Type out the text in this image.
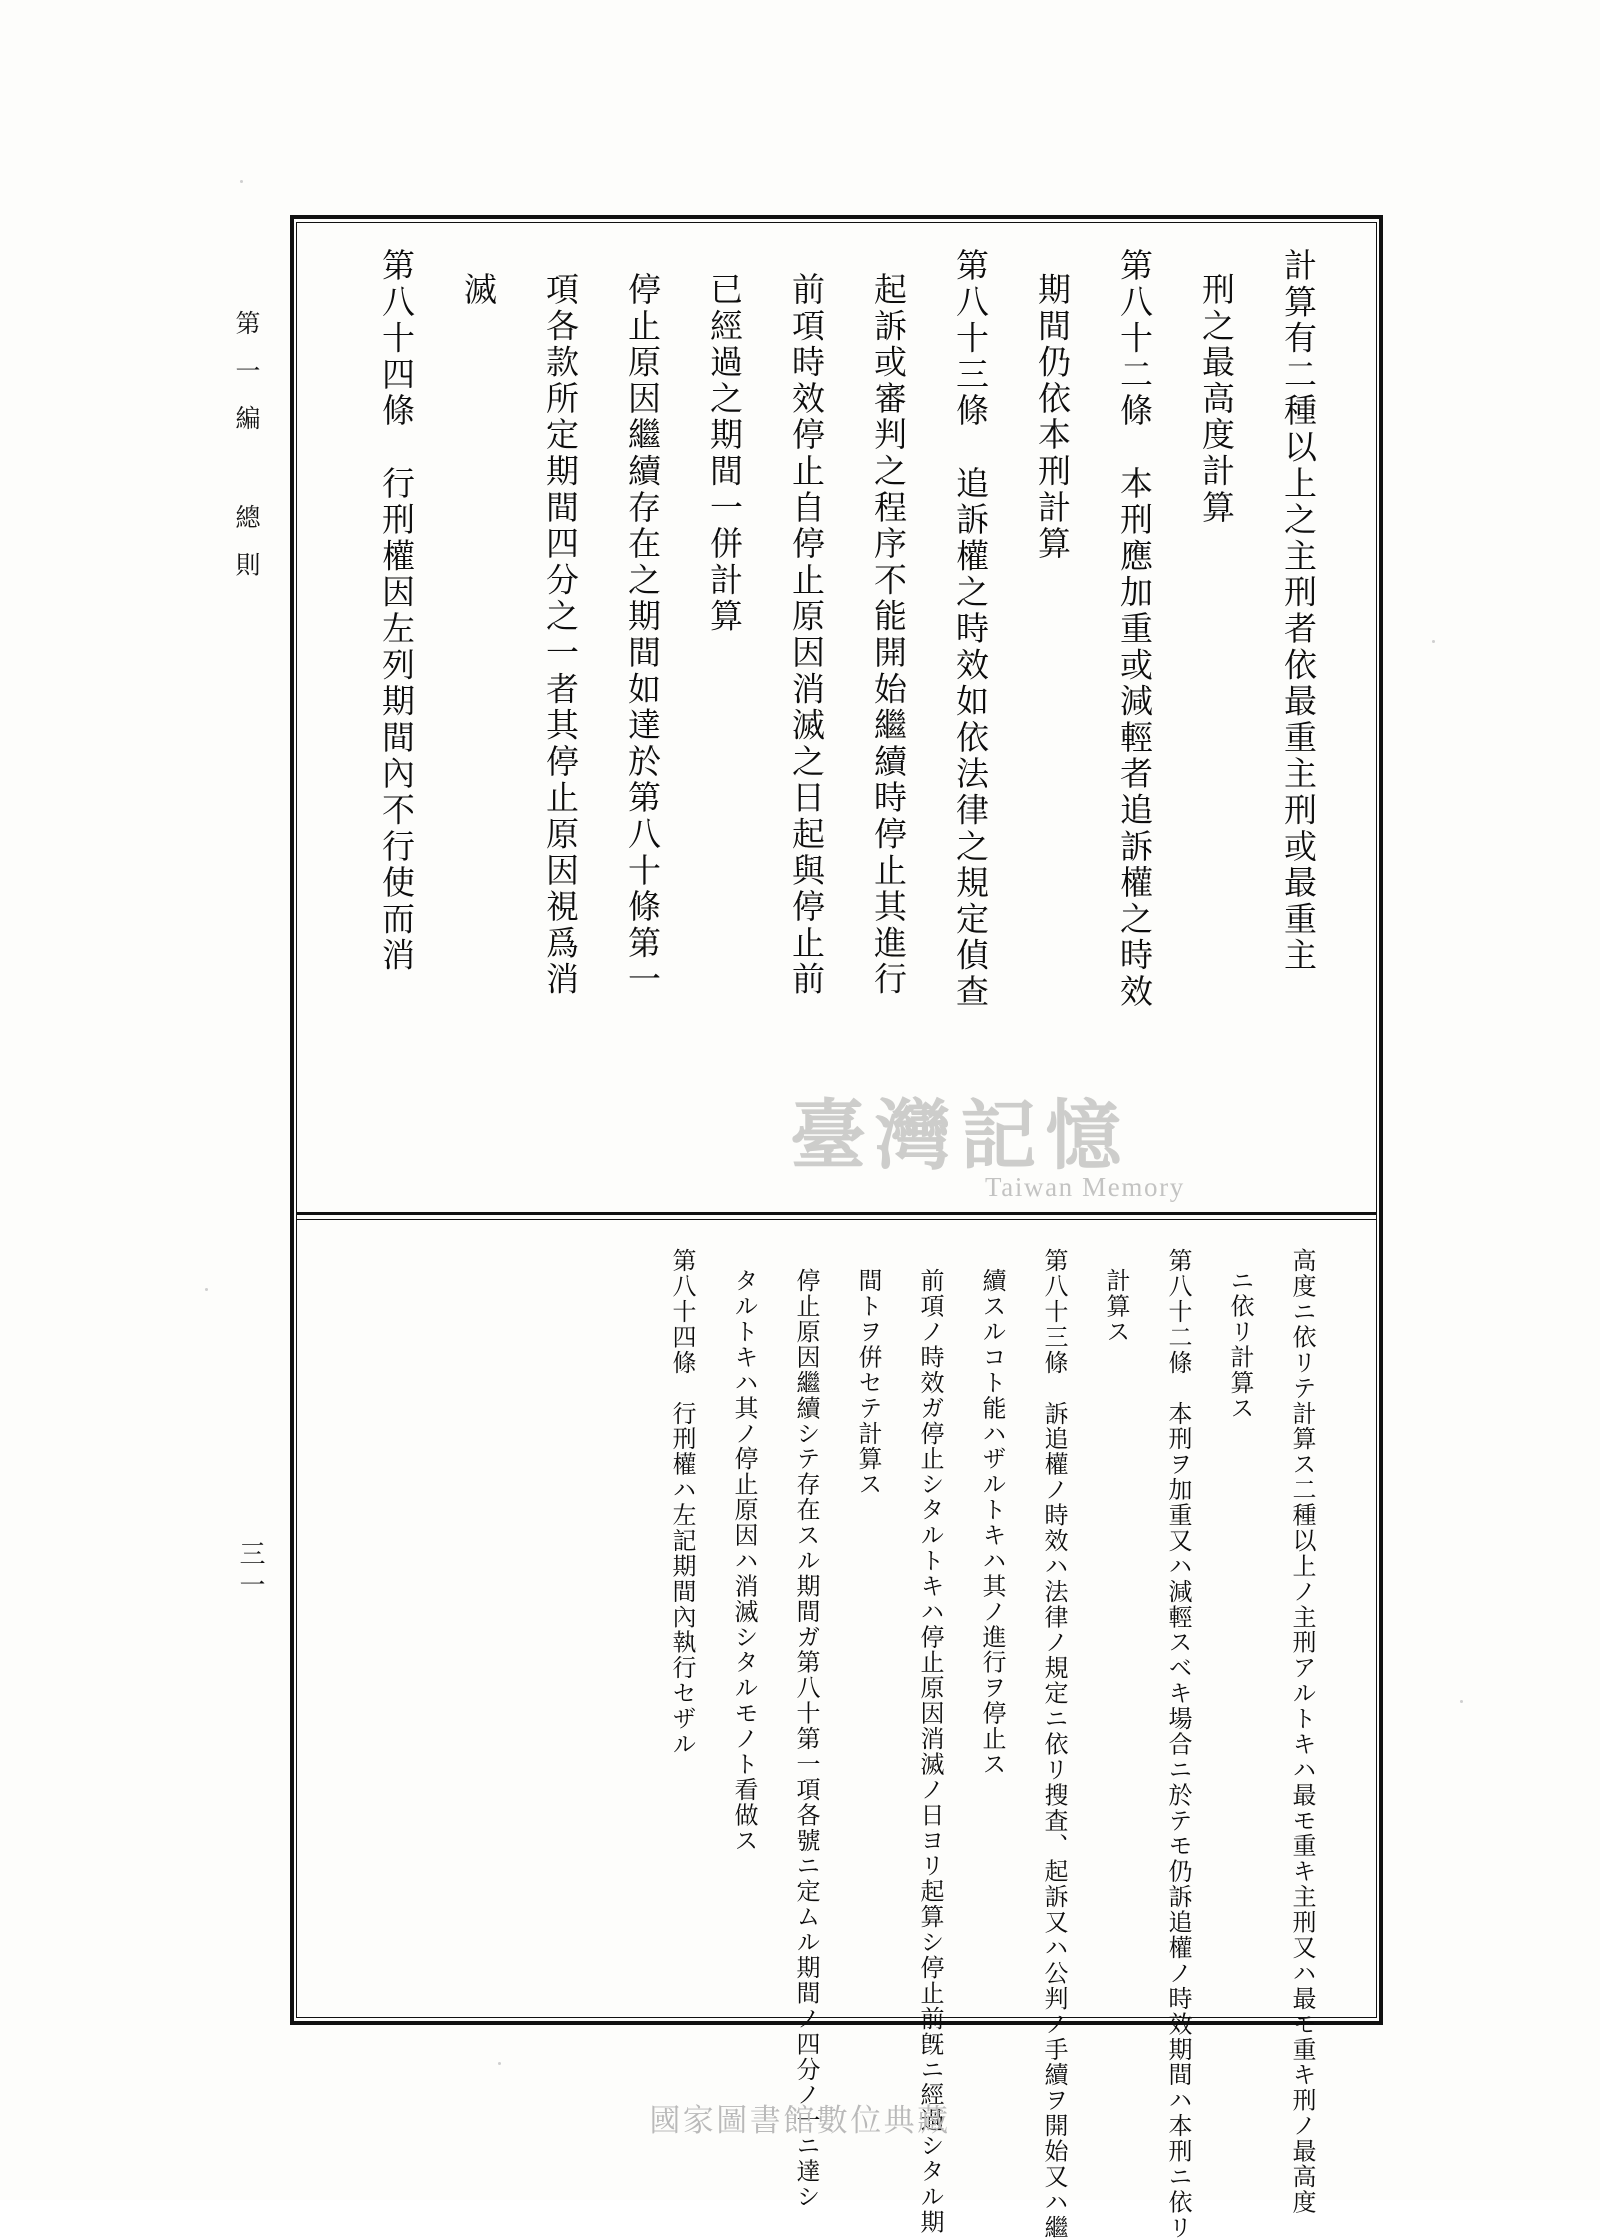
第一編 總則
三一
計算有二種以上之主刑者依最重主刑或最重主
刑之最高度計算
第八十二條　本刑應加重或減輕者追訴權之時效
期間仍依本刑計算
第八十三條　追訴權之時效如依法律之規定偵查
起訴或審判之程序不能開始繼續時停止其進行
前項時效停止自停止原因消滅之日起與停止前
已經過之期間一併計算
停止原因繼續存在之期間如達於第八十條第一
項各款所定期間四分之一者其停止原因視爲消
滅
第八十四條　行刑權因左列期間內不行使而消
高度ニ依リテ計算ス二種以上ノ主刑アルトキハ最モ重キ主刑又ハ最モ重キ刑ノ最高度
ニ依リ計算ス
第八十二條　本刑ヲ加重又ハ減輕スベキ場合ニ於テモ仍訴追權ノ時效期間ハ本刑ニ依リ
計算ス
第八十三條　訴追權ノ時效ハ法律ノ規定ニ依リ搜査、起訴又ハ公判ノ手續ヲ開始又ハ繼
續スルコト能ハザルトキハ其ノ進行ヲ停止ス
前項ノ時效ガ停止シタルトキハ停止原因消滅ノ日ヨリ起算シ停止前旣ニ經過シタル期
間トヲ倂セテ計算ス
停止原因繼續シテ存在スル期間ガ第八十第一項各號ニ定ムル期間ノ四分ノ一ニ達シ
タルトキハ其ノ停止原因ハ消滅シタルモノト看做ス
第八十四條　行刑權ハ左記期間內執行セザル
臺灣記憶
Taiwan Memory
國家圖書館數位典藏
